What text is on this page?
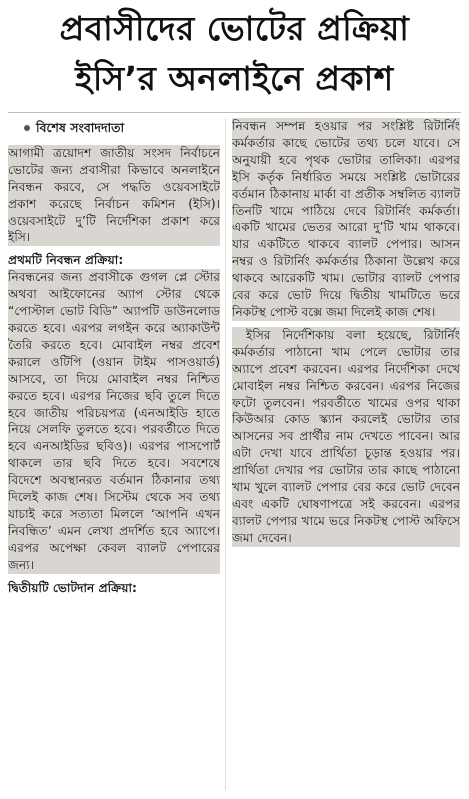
প্রবাসীদের ভোটের প্রক্রিয়া
ইসি’র অনলাইনে প্রকাশ

বিশেষ সংবাদদাতা

আগামী ত্রয়োদশ জাতীয় সংসদ নির্বাচনে ভোটের জন্য প্রবাসীরা কিভাবে অনলাইনে নিবন্ধন করবে, সে পদ্ধতি ওয়েবসাইটে প্রকাশ করেছে নির্বাচন কমিশন (ইসি)। ওয়েবসাইটে দু’টি নির্দেশিকা প্রকাশ করে ইসি।

প্রথমটি নিবন্ধন প্রক্রিয়া:

নিবন্ধনের জন্য প্রবাসীকে গুগল প্লে স্টোর অথবা আইফোনের অ্যাপ স্টোর থেকে “পোস্টাল ভোট বিডি” অ্যাপটি ডাউনলোড করতে হবে। এরপর লগইন করে অ্যাকাউন্ট তৈরি করতে হবে। মোবাইল নম্বর প্রবেশ করালে ওটিপি (ওয়ান টাইম পাসওয়ার্ড) আসবে, তা দিয়ে মোবাইল নম্বর নিশ্চিত করতে হবে। এরপর নিজের ছবি তুলে দিতে হবে জাতীয় পরিচয়পত্র (এনআইডি হাতে নিয়ে সেলফি তুলতে হবে। পরবর্তীতে দিতে হবে এনআইডির ছবিও)। এরপর পাসপোর্ট থাকলে তার ছবি দিতে হবে। সবশেষে বিদেশে অবস্থানরত বর্তমান ঠিকানার তথ্য দিলেই কাজ শেষ। সিস্টেম থেকে সব তথ্য যাচাই করে সত্যতা মিললে ‘আপনি এখন নিবন্ধিত’ এমন লেখা প্রদর্শিত হবে অ্যাপে। এরপর অপেক্ষা কেবল ব্যালট পেপারের জন্য।

দ্বিতীয়টি ভোটদান প্রক্রিয়া:

নিবন্ধন সম্পন্ন হওয়ার পর সংশ্লিষ্ট রিটার্নিং কর্মকর্তার কাছে ভোটের তথ্য চলে যাবে। সে অনুযায়ী হবে পৃথক ভোটার তালিকা। এরপর ইসি কর্তৃক নির্ধারিত সময়ে সংশ্লিষ্ট ভোটারের বর্তমান ঠিকানায় মার্কা বা প্রতীক সম্বলিত ব্যালট তিনটি খামে পাঠিয়ে দেবে রিটার্নিং কর্মকর্তা। একটি খামের ভেতর আরো দু’টি খাম থাকবে। যার একটিতে থাকবে ব্যালট পেপার। আসন নম্বর ও রিটার্নিং কর্মকর্তার ঠিকানা উল্লেখ করে থাকবে আরেকটি খাম। ভোটার ব্যালট পেপার বের করে ভোট দিয়ে দ্বিতীয় খামটিতে ভরে নিকটস্থ পোস্ট বক্সে জমা দিলেই কাজ শেষ।

ইসির নির্দেশিকায় বলা হয়েছে, রিটার্নিং কর্মকর্তার পাঠানো খাম পেলে ভোটার তার অ্যাপে প্রবেশ করবেন। এরপর নির্দেশিকা দেখে মোবাইল নম্বর নিশ্চিত করবেন। এরপর নিজের ফটো তুলবেন। পরবর্তীতে খামের ওপর থাকা কিউআর কোড স্ক্যান করলেই ভোটার তার আসনের সব প্রার্থীর নাম দেখতে পাবেন। আর এটা দেখা যাবে প্রার্থিতা চূড়ান্ত হওয়ার পর। প্রার্থিতা দেখার পর ভোটার তার কাছে পাঠানো খাম খুলে ব্যালট পেপার বের করে ভোট দেবেন এবং একটি ঘোষণাপত্রে সই করবেন। এরপর ব্যালট পেপার খামে ভরে নিকটস্থ পোস্ট অফিসে জমা দেবেন।
